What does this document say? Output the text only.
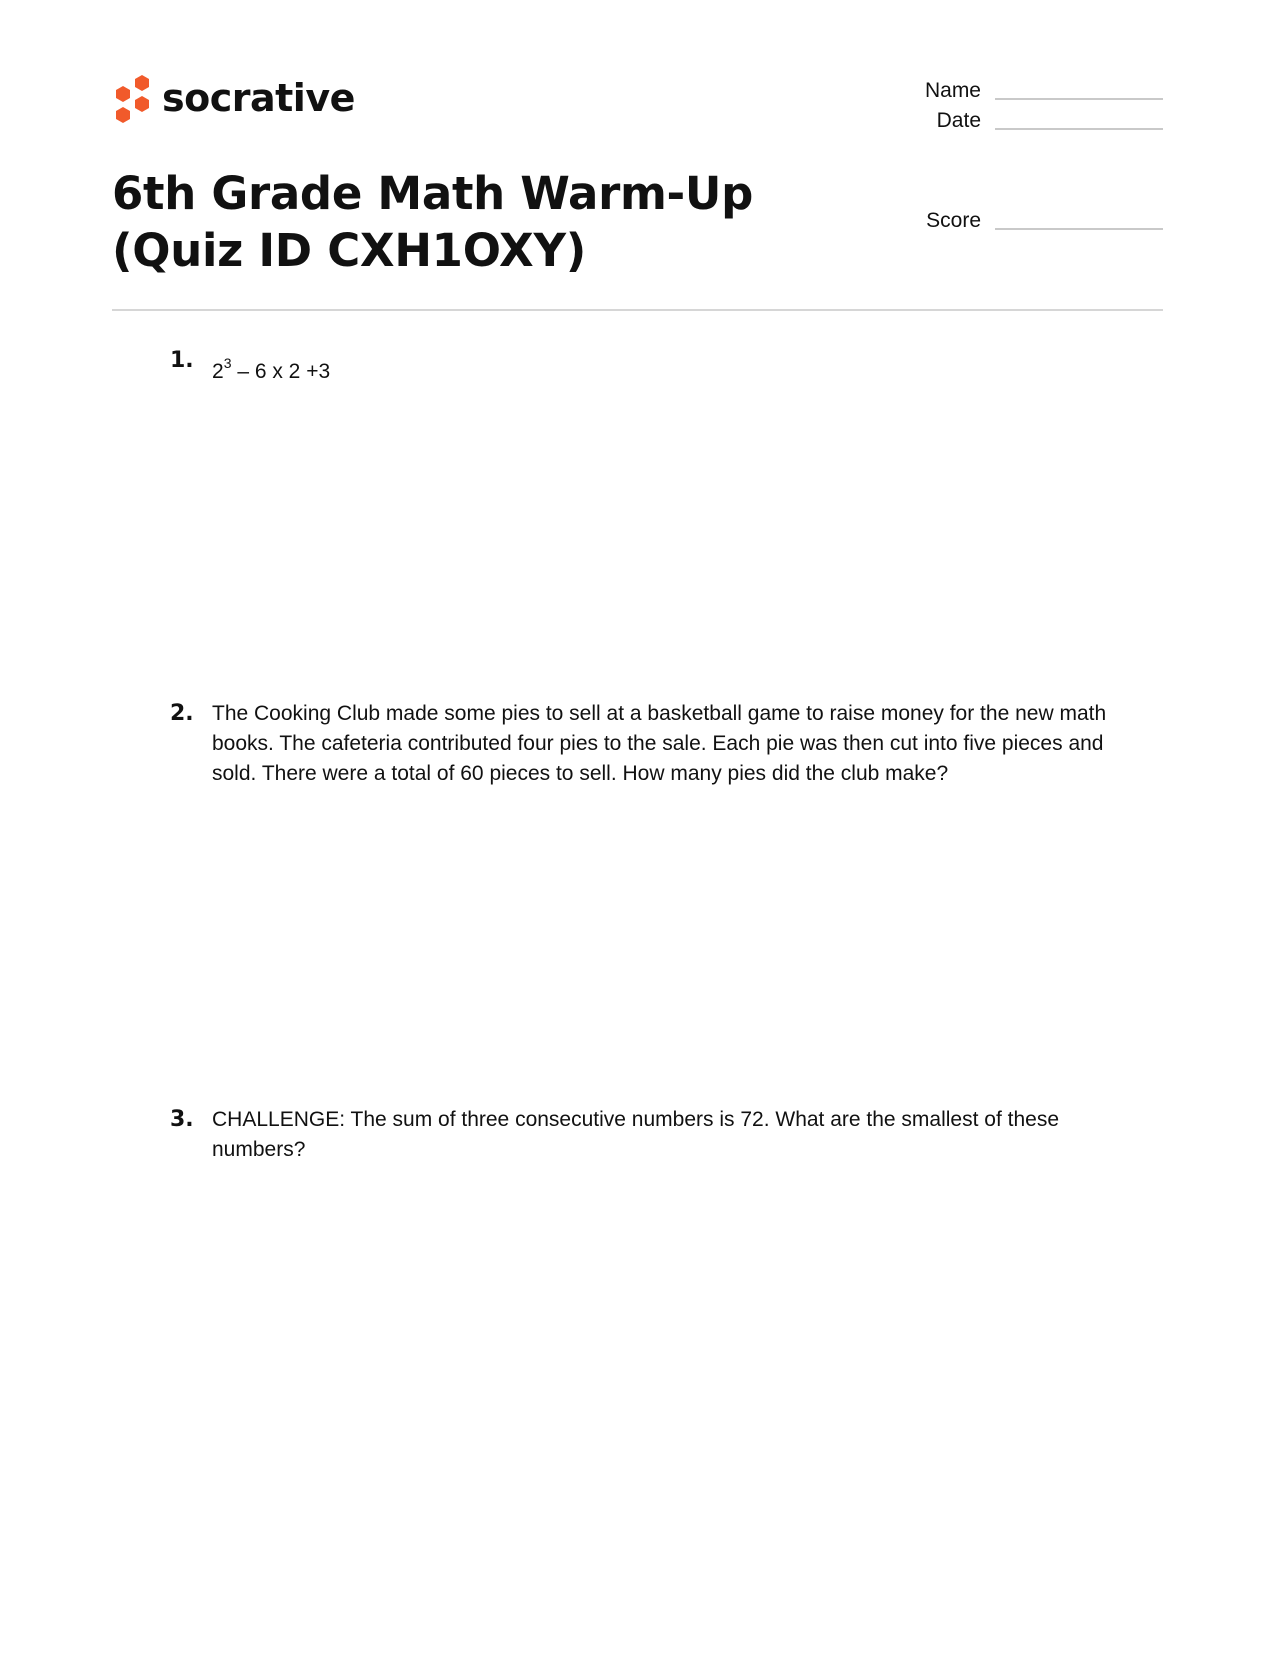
socrative	Name
Date
Score
6th Grade Math Warm-Up (Quiz ID CXH1OXY)
1. $2^3 - 6$ x 2 +3
2. The Cooking Club made some pies to sell at a basketball game to raise money for the new math books. The cafeteria contributed four pies to the sale. Each pie was then cut into five pieces and sold. There were a total of 60 pieces to sell. How many pies did the club make?
3. CHALLENGE: The sum of three consecutive numbers is 72. What are the smallest of these numbers?
